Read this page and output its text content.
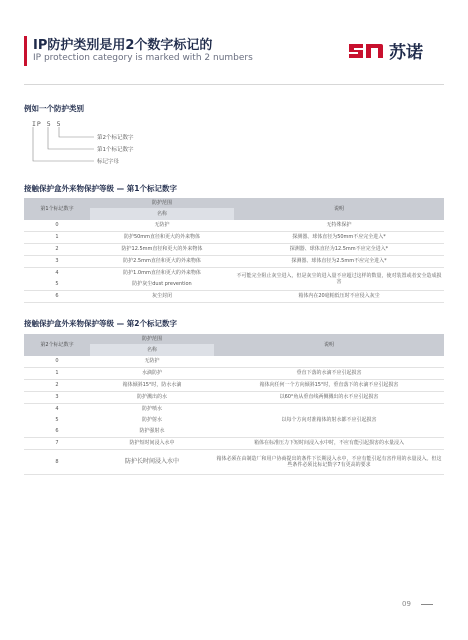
IP防护类别是用2个数字标记的
IP protection category is marked with 2 numbers	苏诺
例如一个防护类别
IP 5 5
第2个标记数字
第1个标记数字
标记字母
接触保护盒外来物保护等级 — 第1个标记数字
第1个标记数字	防护范围	说明
	名称	
0	无防护	无特殊保护
1	防护50mm直径和更大的外来物体	探测器、球体直径为50mm不应完全进入*
2	防护12.5mm直径和更大的外来物体	探测器、球体直径为12.5mm不应完全进入*
3	防护2.5mm直径和更大的外来物体	探测器、球体直径为2.5mm不应完全进入*
4	防护1.0mm直径和更大的外来物体	不可能完全阻止灰尘进入，但是灰尘的进入量不应超过这样的数量，使对装置或者安全造成损害
5	防护灰尘dust prevention	
6	灰尘封闭	箱体内在20毫帕低压时不应侵入灰尘
接触保护盒外来物保护等级 — 第2个标记数字
第2个标记数字	防护范围	说明
	名称	
0	无防护	
1	水滴防护	垂直下落的水滴不应引起损害
2	箱体倾斜15°时，防水水滴	箱体向任何一个方向倾斜15°时，垂直落下的水滴不应引起损害
3	防护溅出的水	以60°角从垂直线两侧溅出的水不应引起损害
4	防护喷水	以每个方向对准箱体的射水都不应引起损害
5	防护射水	
6	防护强射水	
7	防护短时间浸入水中	箱体在标准压力下短时间浸入水中时，不应有能引起损害的水量浸入
8	防护长时间浸入水中	箱体必须在由制造厂和用户协商提出的条件下长期浸入水中，不应有能引起有害作用的水量浸入。但这些条件必须比标记数字7有更高的要求
09
